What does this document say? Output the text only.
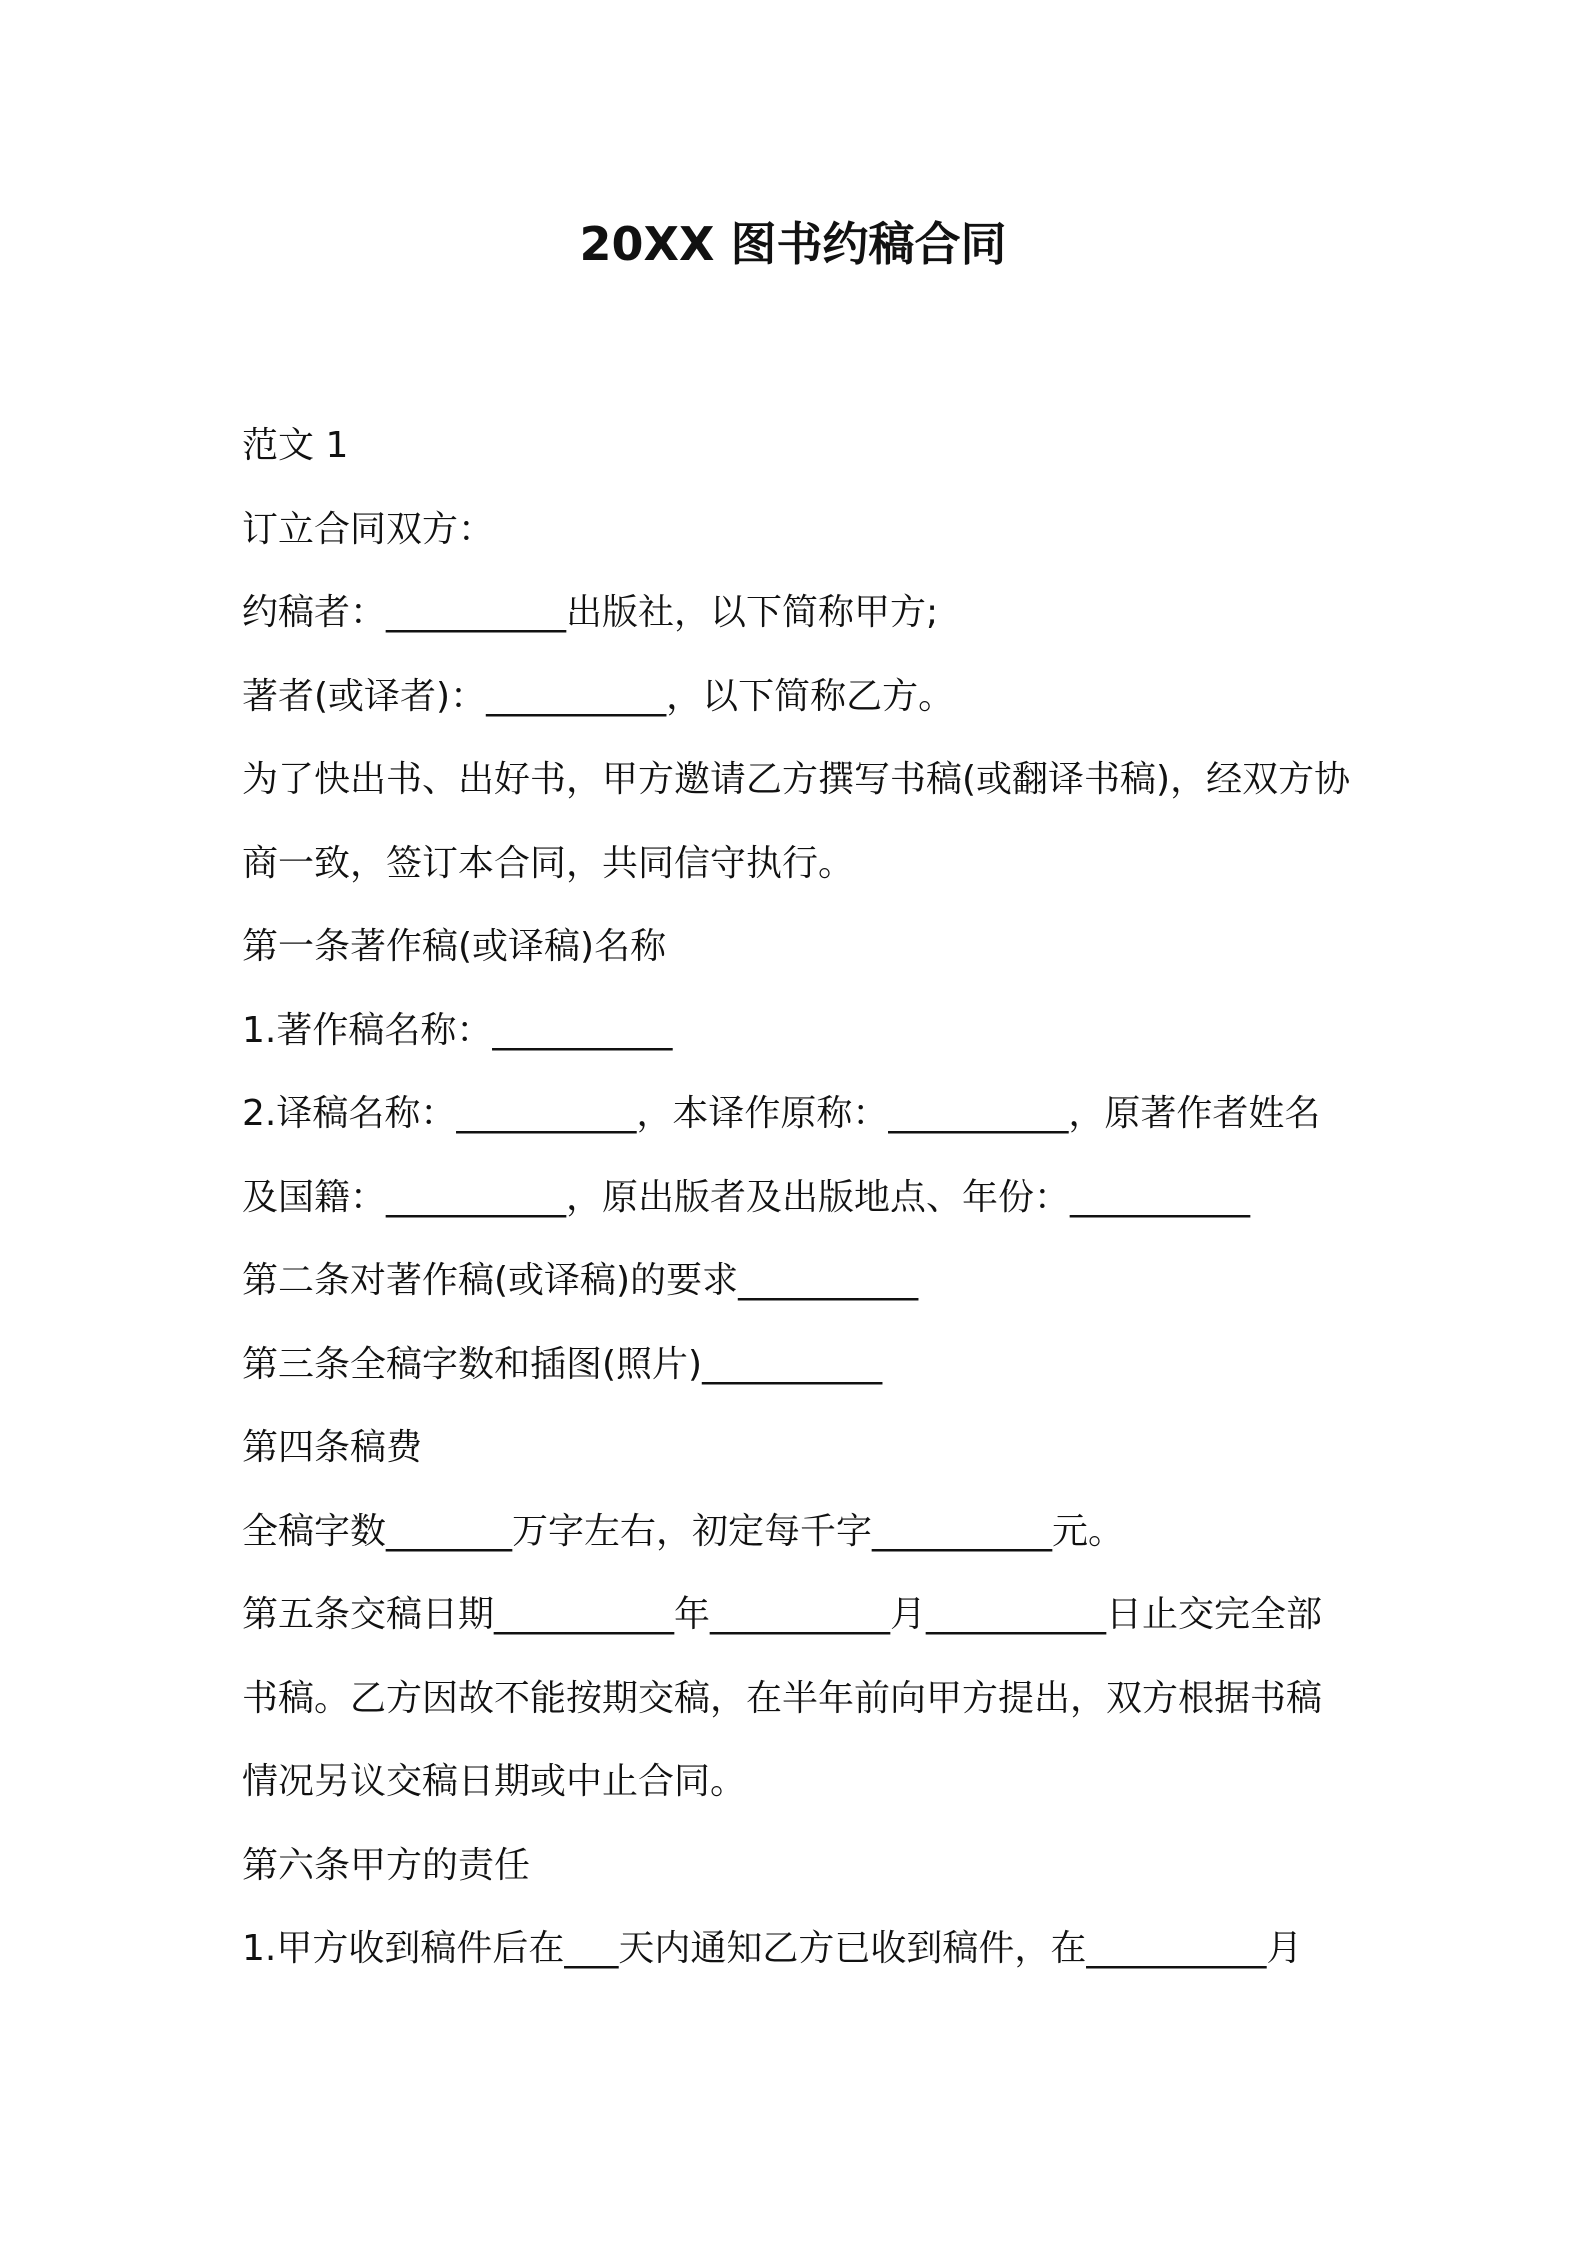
20XX 图书约稿合同

范文 1

订立合同双方：

约稿者：__________出版社，以下简称甲方;

著者(或译者)：__________，以下简称乙方。

为了快出书、出好书，甲方邀请乙方撰写书稿(或翻译书稿)，经双方协商一致，签订本合同，共同信守执行。

第一条著作稿(或译稿)名称

1.著作稿名称：__________

2.译稿名称：__________，本译作原称：__________，原著作者姓名及国籍：__________，原出版者及出版地点、年份：__________

第二条对著作稿(或译稿)的要求__________

第三条全稿字数和插图(照片)__________

第四条稿费

全稿字数_______万字左右，初定每千字__________元。

第五条交稿日期__________年__________月__________日止交完全部书稿。乙方因故不能按期交稿，在半年前向甲方提出，双方根据书稿情况另议交稿日期或中止合同。

第六条甲方的责任

1.甲方收到稿件后在___天内通知乙方已收到稿件，在__________月
